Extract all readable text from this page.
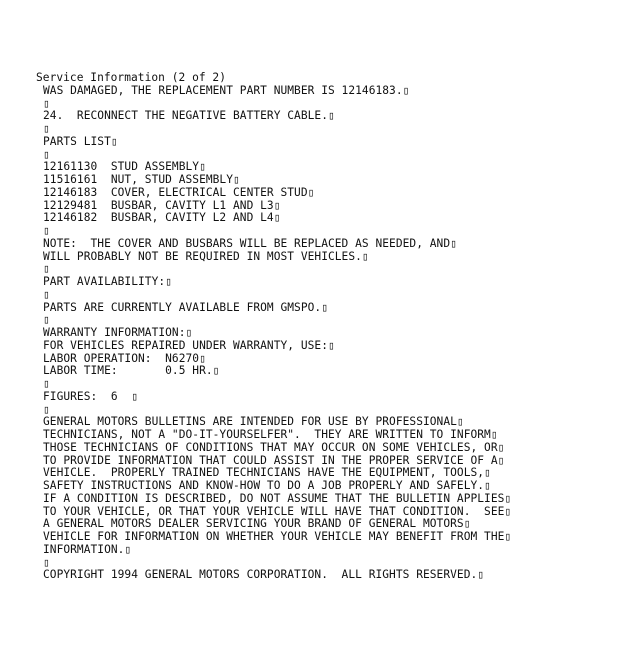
Service Information (2 of 2)
WAS DAMAGED, THE REPLACEMENT PART NUMBER IS 12146183.▯
▯
24.  RECONNECT THE NEGATIVE BATTERY CABLE.▯
▯
PARTS LIST▯
▯
12161130  STUD ASSEMBLY▯
11516161  NUT, STUD ASSEMBLY▯
12146183  COVER, ELECTRICAL CENTER STUD▯
12129481  BUSBAR, CAVITY L1 AND L3▯
12146182  BUSBAR, CAVITY L2 AND L4▯
▯
NOTE:  THE COVER AND BUSBARS WILL BE REPLACED AS NEEDED, AND▯
WILL PROBABLY NOT BE REQUIRED IN MOST VEHICLES.▯
▯
PART AVAILABILITY:▯
▯
PARTS ARE CURRENTLY AVAILABLE FROM GMSPO.▯
▯
WARRANTY INFORMATION:▯
FOR VEHICLES REPAIRED UNDER WARRANTY, USE:▯
LABOR OPERATION:  N6270▯
LABOR TIME:       0.5 HR.▯
▯
FIGURES:  6  ▯
▯
GENERAL MOTORS BULLETINS ARE INTENDED FOR USE BY PROFESSIONAL▯
TECHNICIANS, NOT A "DO-IT-YOURSELFER".  THEY ARE WRITTEN TO INFORM▯
THOSE TECHNICIANS OF CONDITIONS THAT MAY OCCUR ON SOME VEHICLES, OR▯
TO PROVIDE INFORMATION THAT COULD ASSIST IN THE PROPER SERVICE OF A▯
VEHICLE.  PROPERLY TRAINED TECHNICIANS HAVE THE EQUIPMENT, TOOLS,▯
SAFETY INSTRUCTIONS AND KNOW-HOW TO DO A JOB PROPERLY AND SAFELY.▯
IF A CONDITION IS DESCRIBED, DO NOT ASSUME THAT THE BULLETIN APPLIES▯
TO YOUR VEHICLE, OR THAT YOUR VEHICLE WILL HAVE THAT CONDITION.  SEE▯
A GENERAL MOTORS DEALER SERVICING YOUR BRAND OF GENERAL MOTORS▯
VEHICLE FOR INFORMATION ON WHETHER YOUR VEHICLE MAY BENEFIT FROM THE▯
INFORMATION.▯
▯
COPYRIGHT 1994 GENERAL MOTORS CORPORATION.  ALL RIGHTS RESERVED.▯
